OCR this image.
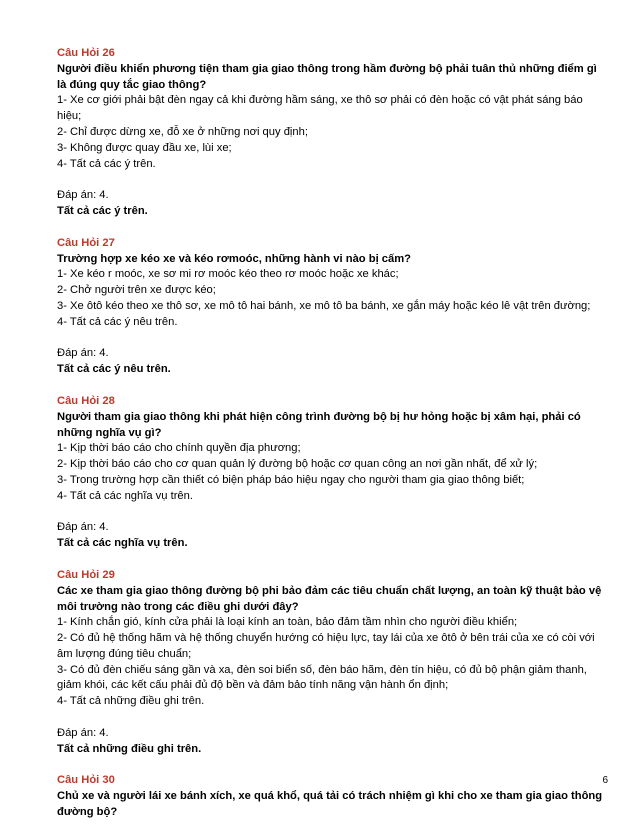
Câu Hỏi 26
Người điều khiển phương tiện tham gia giao thông trong hầm đường bộ phải tuân thủ những điểm gì là đúng quy tắc giao thông?
1- Xe cơ giới phải bật đèn ngay cả khi đường hầm sáng, xe thô sơ phải có đèn hoặc có vật phát sáng báo hiệu;
2- Chỉ được dừng xe, đỗ xe ở những nơi quy định;
3- Không được quay đầu xe, lùi xe;
4- Tất cả các ý trên.
Đáp án: 4.
Tất cả các ý trên.
Câu Hỏi 27
Trường hợp xe kéo xe và kéo rơmoóc, những hành vi nào bị cấm?
1- Xe kéo r moóc, xe sơ mi rơ moóc kéo theo rơ moóc hoặc xe khác;
2- Chở người trên xe được kéo;
3- Xe ôtô kéo theo xe thô sơ, xe mô tô hai bánh, xe mô tô ba bánh, xe gắn máy hoặc kéo lê vật trên đường;
4- Tất cả các ý nêu trên.
Đáp án: 4.
Tất cả các ý nêu trên.
Câu Hỏi 28
Người tham gia giao thông khi phát hiện công trình đường bộ bị hư hỏng hoặc bị xâm hại, phải có những nghĩa vụ gì?
1- Kịp thời báo cáo cho chính quyền địa phương;
2- Kịp thời báo cáo cho cơ quan quản lý đường bộ hoặc cơ quan công an nơi gần nhất, để xử lý;
3- Trong trường hợp cần thiết có biện pháp báo hiệu ngay cho người tham gia giao thông biết;
4- Tất cả các nghĩa vụ trên.
Đáp án: 4.
Tất cả các nghĩa vụ trên.
Câu Hỏi 29
Các xe tham gia giao thông đường bộ phi bảo đảm các tiêu chuẩn chất lượng, an toàn kỹ thuật bảo vệ môi trường nào trong các điều ghi dưới đây?
1- Kính chắn gió, kính cửa phải là loại kính an toàn, bảo đảm tầm nhìn cho người điều khiển;
2- Có đủ hệ thống hãm và hệ thống chuyển hướng có hiệu lực, tay lái của xe ôtô ở bên trái của xe có còi với âm lượng đúng tiêu chuẩn;
3- Có đủ đèn chiếu sáng gần và xa, đèn soi biển số, đèn báo hãm, đèn tín hiệu, có đủ bộ phận giảm thanh, giảm khói, các kết cấu phải đủ độ bền và đảm bảo tính năng vận hành ổn định;
4- Tất cả những điều ghi trên.
Đáp án: 4.
Tất cả những điều ghi trên.
Câu Hỏi 30
Chủ xe và người lái xe bánh xích, xe quá khổ, quá tải có trách nhiệm gì khi cho xe tham gia giao thông đường bộ?
6
